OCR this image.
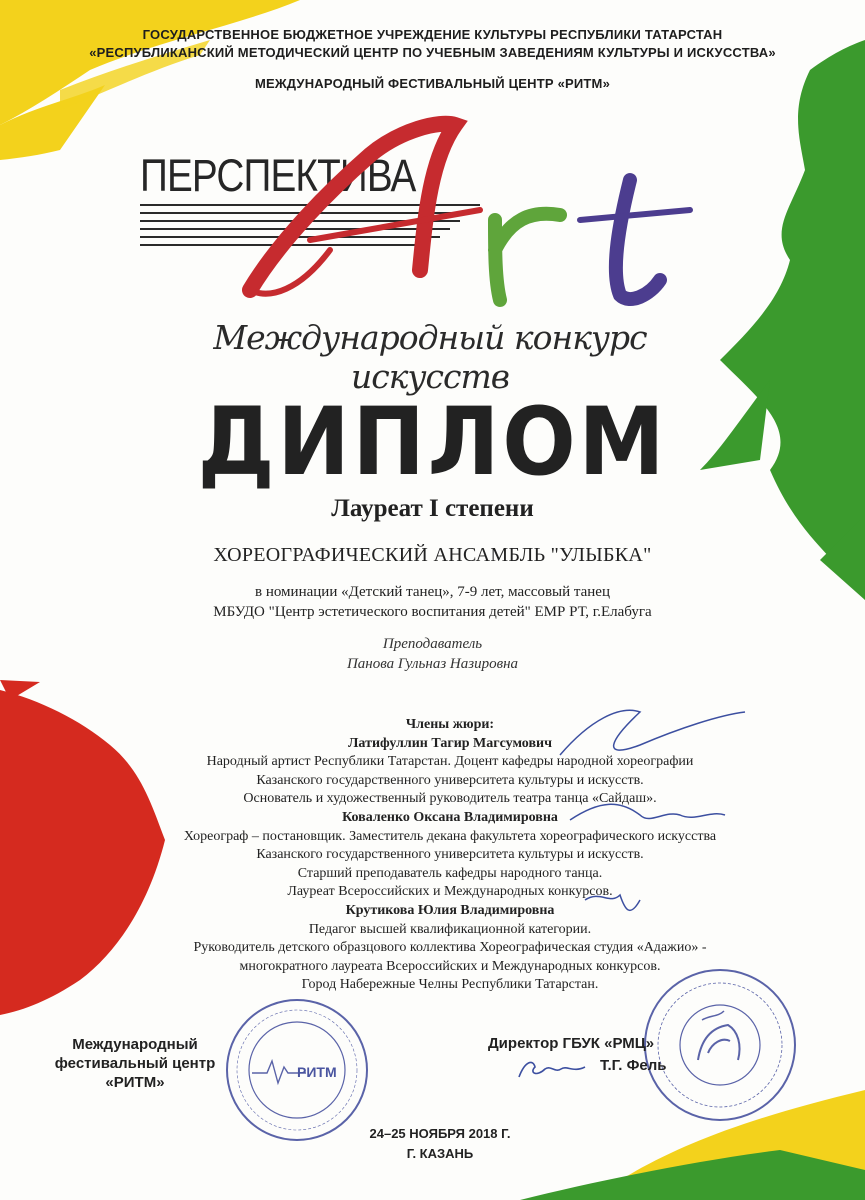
ГОСУДАРСТВЕННОЕ БЮДЖЕТНОЕ УЧРЕЖДЕНИЕ КУЛЬТУРЫ РЕСПУБЛИКИ ТАТАРСТАН
«РЕСПУБЛИКАНСКИЙ МЕТОДИЧЕСКИЙ ЦЕНТР ПО УЧЕБНЫМ ЗАВЕДЕНИЯМ КУЛЬТУРЫ И ИСКУССТВА»
МЕЖДУНАРОДНЫЙ ФЕСТИВАЛЬНЫЙ ЦЕНТР «РИТМ»
ПЕРСПЕКТИВА
Международный конкурс искусств
ДИПЛОМ
Лауреат I степени
ХОРЕОГРАФИЧЕСКИЙ АНСАМБЛЬ "УЛЫБКА"
в номинации «Детский танец», 7-9 лет, массовый танец
МБУДО "Центр эстетического воспитания детей" ЕМР РТ, г.Елабуга
Преподаватель
Панова Гульназ Назировна
Члены жюри:
Латифуллин Тагир Магсумович
Народный артист Республики Татарстан. Доцент кафедры народной хореографии
Казанского государственного университета культуры и искусств.
Основатель и художественный руководитель театра танца «Сайдаш».
Коваленко Оксана Владимировна
Хореограф – постановщик. Заместитель декана факультета хореографического искусства
Казанского государственного университета культуры и искусств.
Старший преподаватель кафедры народного танца.
Лауреат Всероссийских и Международных конкурсов.
Крутикова Юлия Владимировна
Педагог высшей квалификационной категории.
Руководитель детского образцового коллектива Хореографическая студия «Адажио» -
многократного лауреата Всероссийских и Международных конкурсов.
Город Набережные Челны Республики Татарстан.
РИТМ
Международный
фестивальный центр
«РИТМ»
Директор ГБУК «РМЦ»
Т.Г. Фель
24–25 НОЯБРЯ 2018 Г.
Г. КАЗАНЬ
